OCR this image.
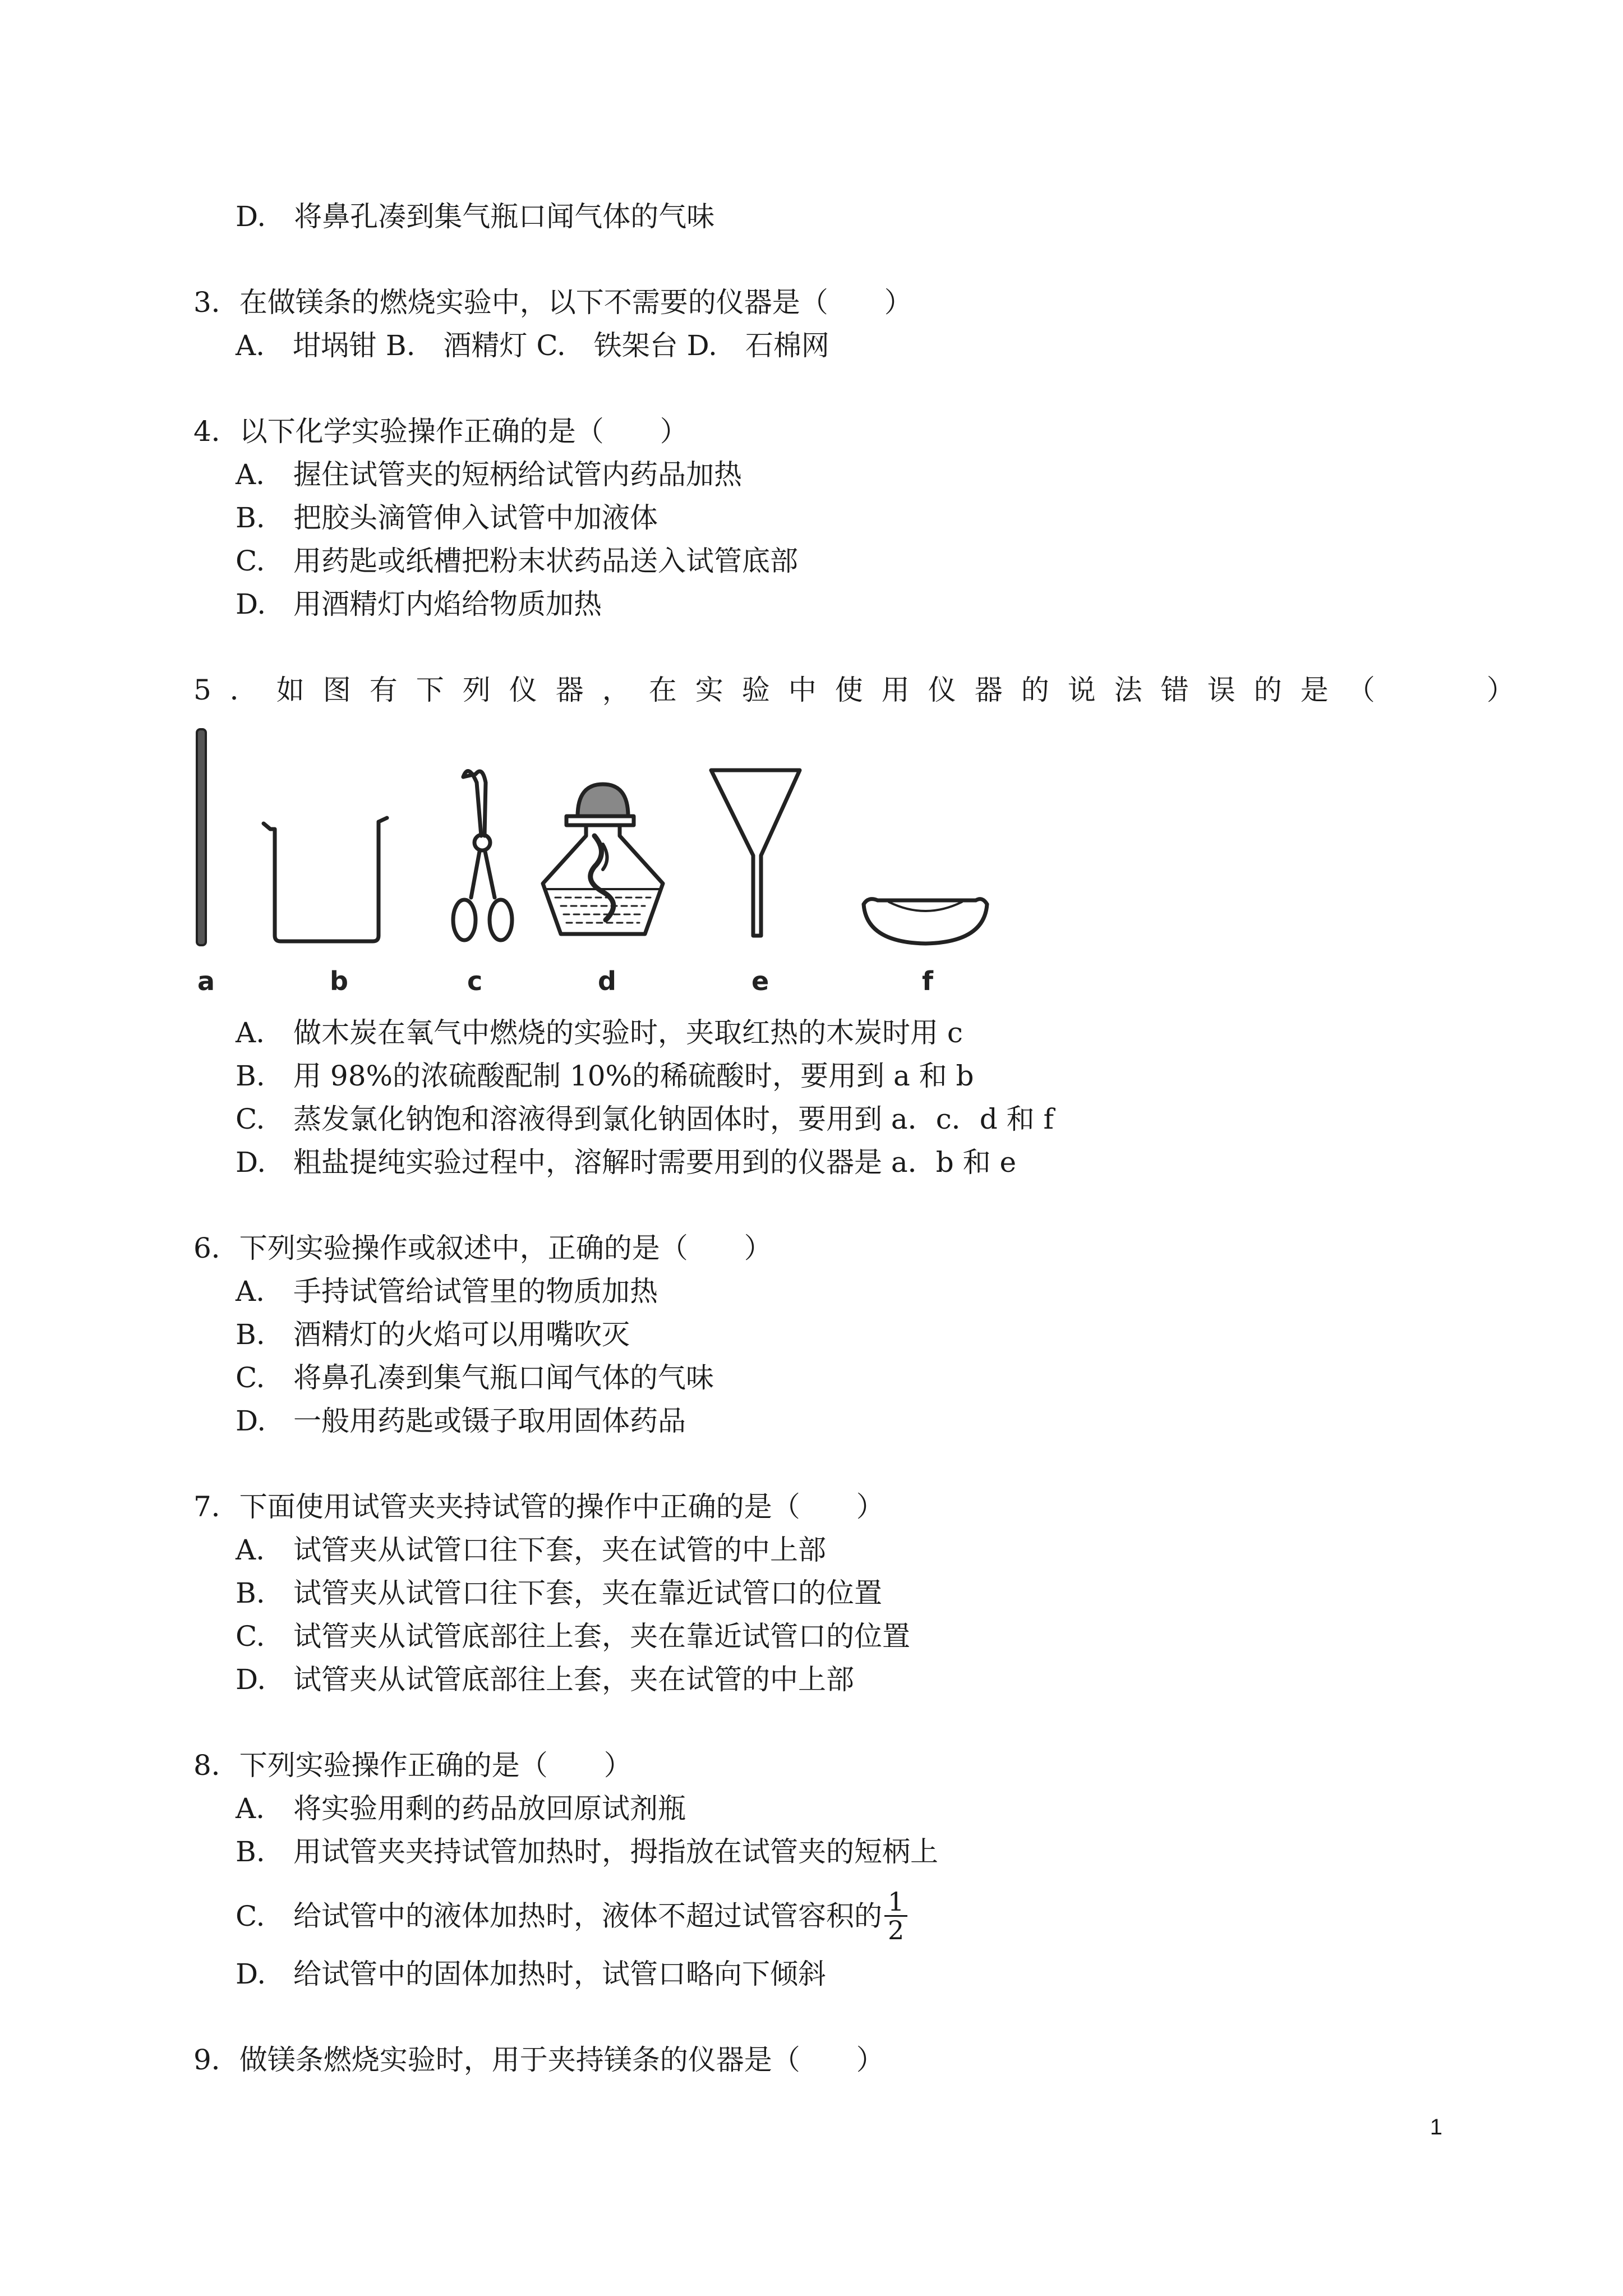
D.　将鼻孔凑到集气瓶口闻气体的气味
3．在做镁条的燃烧实验中，以下不需要的仪器是（　　）
A.　坩埚钳 B.　酒精灯 C.　铁架台 D.　石棉网
4．以下化学实验操作正确的是（　　）
A. 握住试管夹的短柄给试管内药品加热
B. 把胶头滴管伸入试管中加液体
C. 用药匙或纸槽把粉末状药品送入试管底部
D. 用酒精灯内焰给物质加热
5．如图有下列仪器，在实验中使用仪器的说法错误的是（　　）
a	b	c	d	e	f
A. 做木炭在氧气中燃烧的实验时，夹取红热的木炭时用 c
B. 用 98%的浓硫酸配制 10%的稀硫酸时，要用到 a 和 b
C. 蒸发氯化钠饱和溶液得到氯化钠固体时，要用到 a．c．d 和 f
D. 粗盐提纯实验过程中，溶解时需要用到的仪器是 a．b 和 e
6．下列实验操作或叙述中，正确的是（　　）
A. 手持试管给试管里的物质加热
B. 酒精灯的火焰可以用嘴吹灭
C. 将鼻孔凑到集气瓶口闻气体的气味
D. 一般用药匙或镊子取用固体药品
7．下面使用试管夹夹持试管的操作中正确的是（　　）
A. 试管夹从试管口往下套，夹在试管的中上部
B. 试管夹从试管口往下套，夹在靠近试管口的位置
C. 试管夹从试管底部往上套，夹在靠近试管口的位置
D. 试管夹从试管底部往上套，夹在试管的中上部
8．下列实验操作正确的是（　　）
A. 将实验用剩的药品放回原试剂瓶
B. 用试管夹夹持试管加热时，拇指放在试管夹的短柄上
C. 给试管中的液体加热时，液体不超过试管容积的 $\frac{1}{2}$
D. 给试管中的固体加热时，试管口略向下倾斜
9．做镁条燃烧实验时，用于夹持镁条的仪器是（　　）
1
